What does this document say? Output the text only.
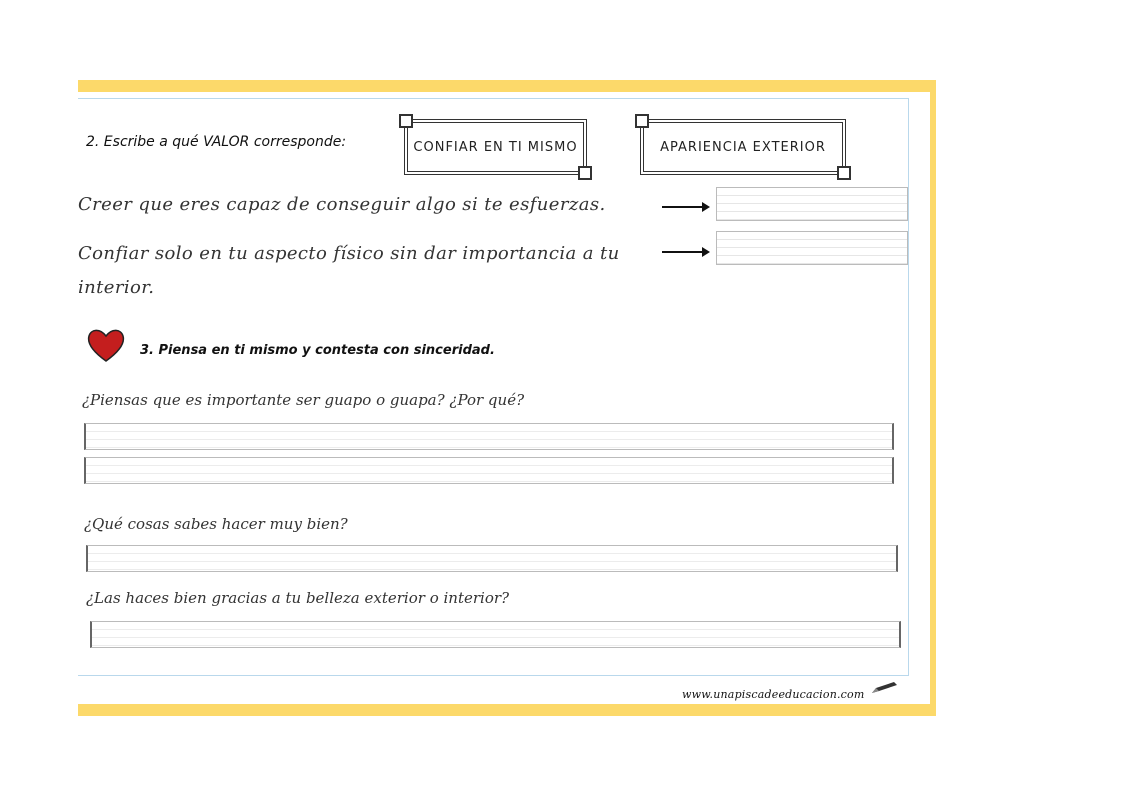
2. Escribe a qué VALOR corresponde:	CONFIAR EN TI MISMO	APARIENCIA EXTERIOR
Creer que eres capaz de conseguir algo si te esfuerzas.
Confiar solo en tu aspecto físico sin dar importancia a tu interior.
3. Piensa en ti mismo y contesta con sinceridad.
¿Piensas que es importante ser guapo o guapa? ¿Por qué?
¿Qué cosas sabes hacer muy bien?
¿Las haces bien gracias a tu belleza exterior o interior?
www.unapiscadeeducacion.com
